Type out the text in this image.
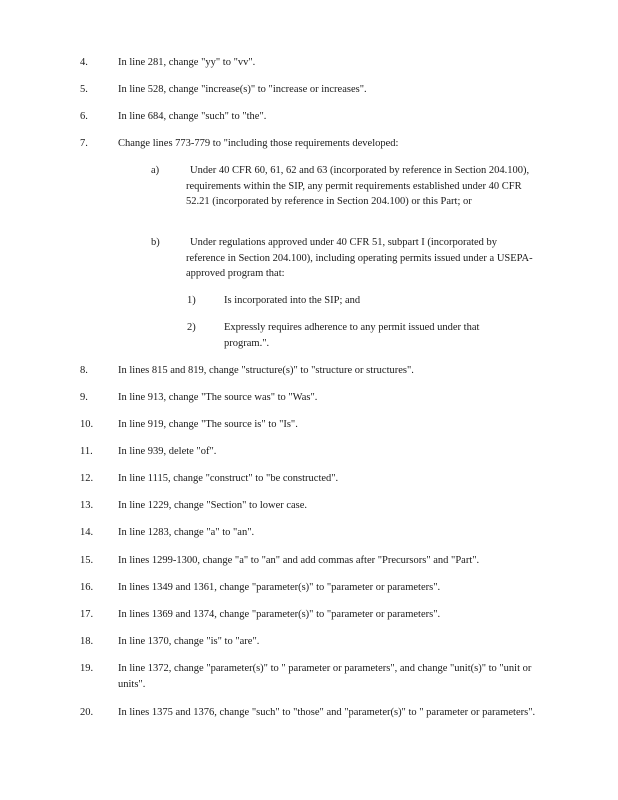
4.	In line 281, change "yy" to "vv".
5.	In line 528, change "increase(s)" to "increase or increases".
6.	In line 684, change "such" to "the".
7.	Change lines 773-779 to "including those requirements developed:
a)	Under 40 CFR 60, 61, 62 and 63 (incorporated by reference in Section 204.100), requirements within the SIP, any permit requirements established under 40 CFR 52.21 (incorporated by reference in Section 204.100) or this Part; or
b)	Under regulations approved under 40 CFR 51, subpart I (incorporated by reference in Section 204.100), including operating permits issued under a USEPA-approved program that:
1)	Is incorporated into the SIP; and
2)	Expressly requires adherence to any permit issued under that program.".
8.	In lines 815 and 819, change "structure(s)" to "structure or structures".
9.	In line 913, change "The source was" to "Was".
10. In line 919, change "The source is" to "Is".
11. In line 939, delete "of".
12. In line 1115, change "construct" to "be constructed".
13. In line 1229, change "Section" to lower case.
14. In line 1283, change "a" to "an".
15. In lines 1299-1300, change "a" to "an" and add commas after "Precursors" and "Part".
16. In lines 1349 and 1361, change "parameter(s)" to "parameter or parameters".
17. In lines 1369 and 1374, change "parameter(s)" to "parameter or parameters".
18. In line 1370, change "is" to "are".
19. In line 1372, change "parameter(s)" to " parameter or parameters", and change "unit(s)" to "unit or units".
20. In lines 1375 and 1376, change "such" to "those" and "parameter(s)" to " parameter or parameters".
